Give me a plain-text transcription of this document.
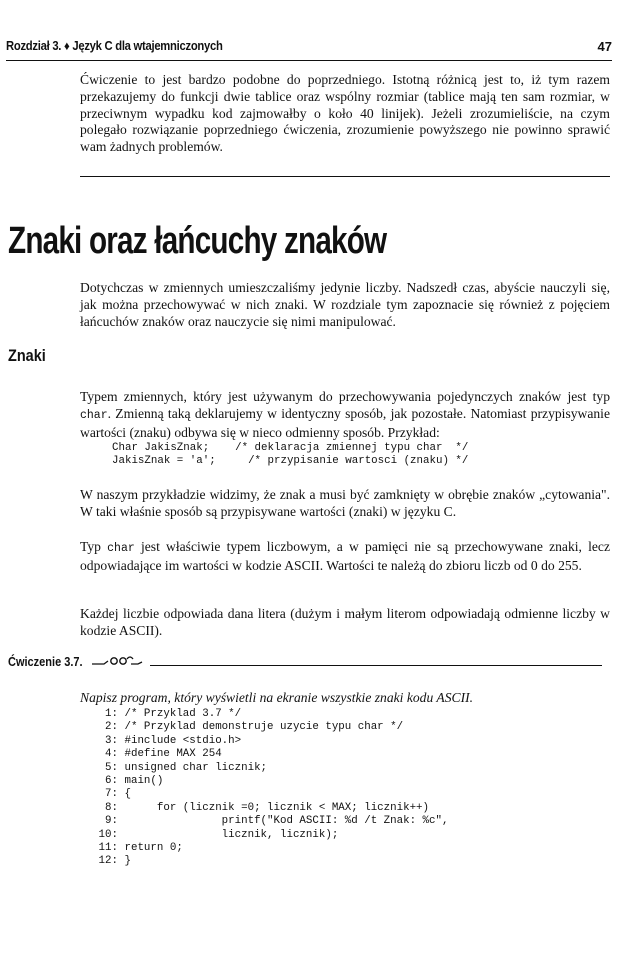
Rozdział 3. ♦ Język C dla wtajemniczonych	47
Ćwiczenie to jest bardzo podobne do poprzedniego. Istotną różnicą jest to, iż tym razem przekazujemy do funkcji dwie tablice oraz wspólny rozmiar (tablice mają ten sam rozmiar, w przeciwnym wypadku kod zajmowałby o koło 40 linijek). Jeżeli zrozumieliście, na czym polegało rozwiązanie poprzedniego ćwiczenia, zrozumienie powyższego nie powinno sprawić wam żadnych problemów.
Znaki oraz łańcuchy znaków
Dotychczas w zmiennych umieszczaliśmy jedynie liczby. Nadszedł czas, abyście nauczyli się, jak można przechowywać w nich znaki. W rozdziale tym zapoznacie się również z pojęciem łańcuchów znaków oraz nauczycie się nimi manipulować.
Znaki
Typem zmiennych, który jest używanym do przechowywania pojedynczych znaków jest typ char. Zmienną taką deklarujemy w identyczny sposób, jak pozostałe. Natomiast przypisywanie wartości (znaku) odbywa się w nieco odmienny sposób. Przykład:
Char JakisZnak;    /* deklaracja zmiennej typu char  */
JakisZnak = 'a';     /* przypisanie wartosci (znaku) */
W naszym przykładzie widzimy, że znak a musi być zamknięty w obrębie znaków „cytowania". W taki właśnie sposób są przypisywane wartości (znaki) w języku C.
Typ char jest właściwie typem liczbowym, a w pamięci nie są przechowywane znaki, lecz odpowiadające im wartości w kodzie ASCII. Wartości te należą do zbioru liczb od 0 do 255.
Każdej liczbie odpowiada dana litera (dużym i małym literom odpowiadają odmienne liczby w kodzie ASCII).
Ćwiczenie 3.7.
Napisz program, który wyświetli na ekranie wszystkie znaki kodu ASCII.
1: /* Przyklad 3.7 */
2: /* Przyklad demonstruje uzycie typu char */
3: #include <stdio.h>
4: #define MAX 254
5: unsigned char licznik;
6: main()
7: {
8:      for (licznik =0; licznik < MAX; licznik++)
9:                printf("Kod ASCII: %d /t Znak: %c",
10:                licznik, licznik);
11: return 0;
12: }
